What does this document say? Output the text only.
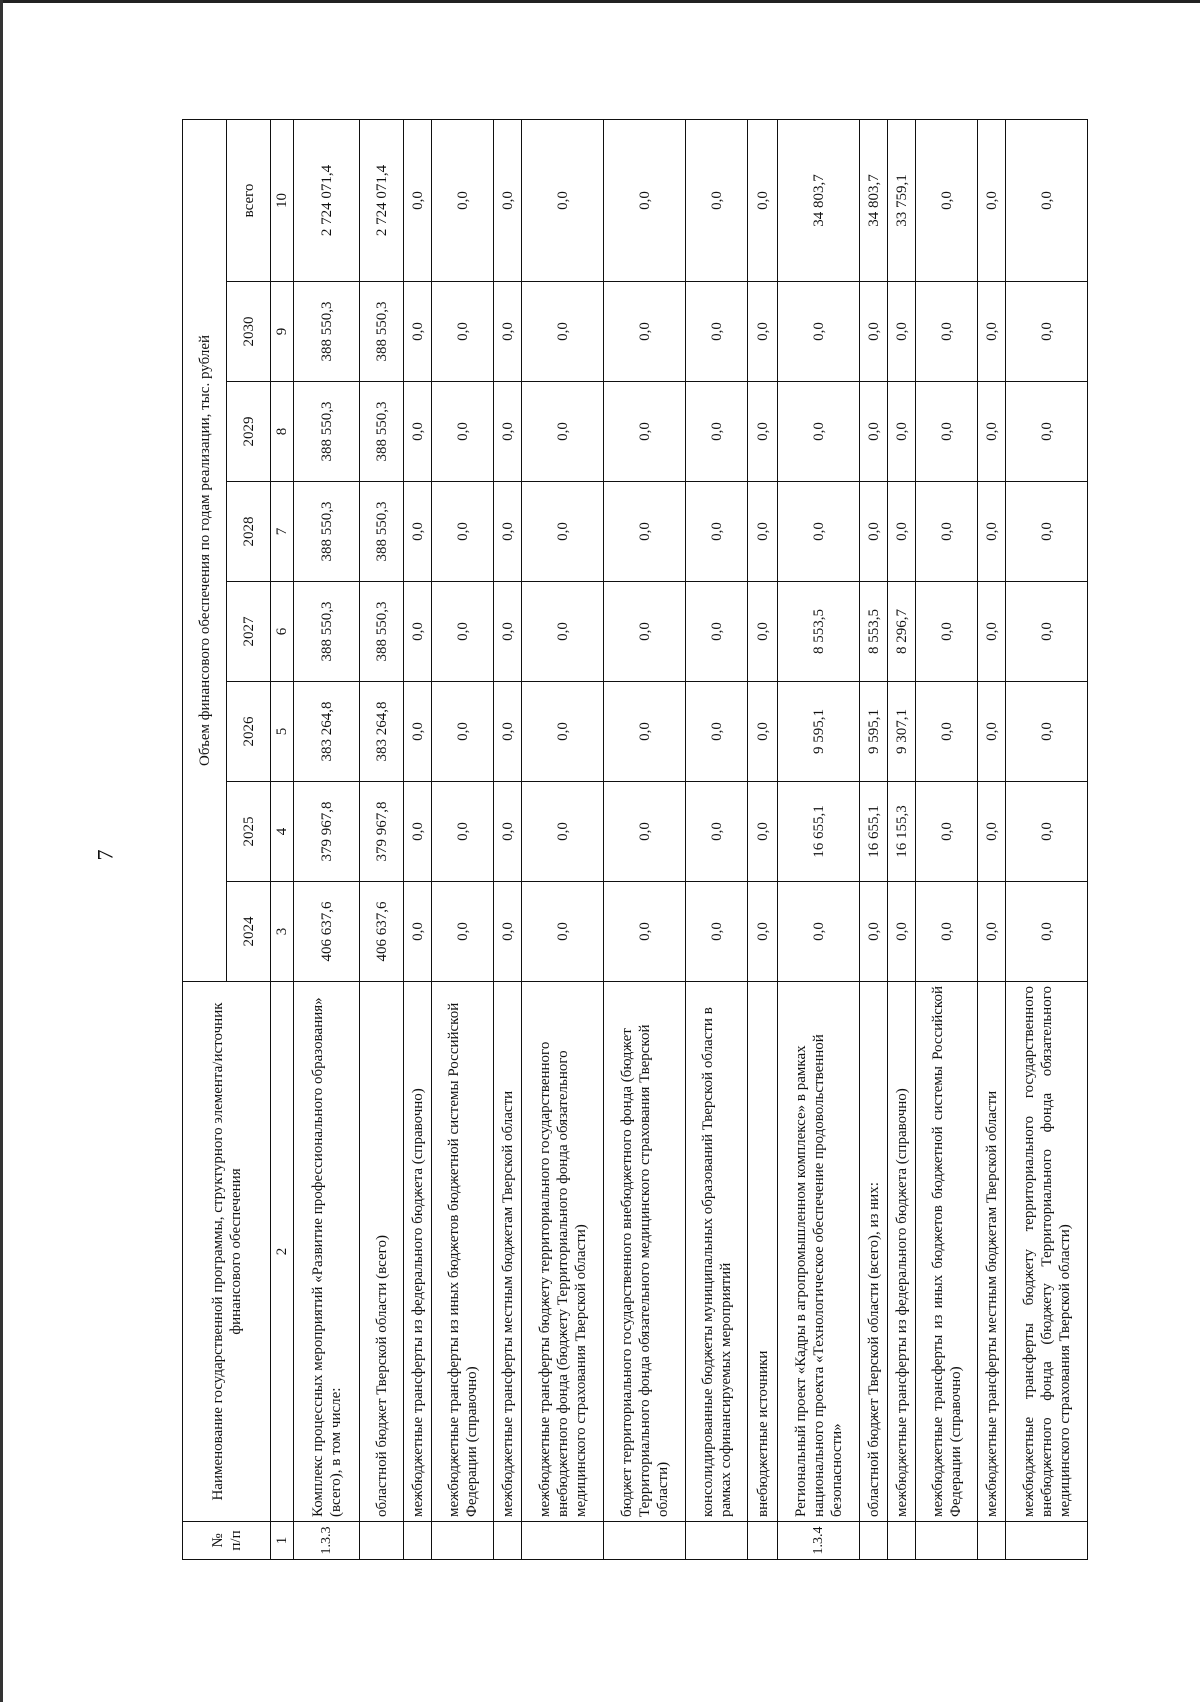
7
№ п/п	Наименование государственной программы, структурного элемента/источник финансового обеспечения	Объем финансового обеспечения по годам реализации, тыс. рублей							
		2024	2025	2026	2027	2028	2029	2030	всего
1	2	3	4	5	6	7	8	9	10
1.3.3	Комплекс процессных мероприятий «Развитие профессионального образования» (всего), в том числе:	406 637,6	379 967,8	383 264,8	388 550,3	388 550,3	388 550,3	388 550,3	2 724 071,4
	областной бюджет Тверской области (всего)	406 637,6	379 967,8	383 264,8	388 550,3	388 550,3	388 550,3	388 550,3	2 724 071,4
	межбюджетные трансферты из федерального бюджета (справочно)	0,0	0,0	0,0	0,0	0,0	0,0	0,0	0,0
	межбюджетные трансферты из иных бюджетов бюджетной системы Российской Федерации (справочно)	0,0	0,0	0,0	0,0	0,0	0,0	0,0	0,0
	межбюджетные трансферты местным бюджетам Тверской области	0,0	0,0	0,0	0,0	0,0	0,0	0,0	0,0
	межбюджетные трансферты бюджету территориального государственного внебюджетного фонда (бюджету Территориального фонда обязательного медицинского страхования Тверской области)	0,0	0,0	0,0	0,0	0,0	0,0	0,0	0,0
	бюджет территориального государственного внебюджетного фонда (бюджет Территориального фонда обязательного медицинского страхования Тверской области)	0,0	0,0	0,0	0,0	0,0	0,0	0,0	0,0
	консолидированные бюджеты муниципальных образований Тверской области в рамках софинансируемых мероприятий	0,0	0,0	0,0	0,0	0,0	0,0	0,0	0,0
	внебюджетные источники	0,0	0,0	0,0	0,0	0,0	0,0	0,0	0,0
1.3.4	Региональный проект «Кадры в агропромышленном комплексе» в рамках национального проекта «Технологическое обеспечение продовольственной безопасности»	0,0	16 655,1	9 595,1	8 553,5	0,0	0,0	0,0	34 803,7
	областной бюджет Тверской области (всего), из них:	0,0	16 655,1	9 595,1	8 553,5	0,0	0,0	0,0	34 803,7
	межбюджетные трансферты из федерального бюджета (справочно)	0,0	16 155,3	9 307,1	8 296,7	0,0	0,0	0,0	33 759,1
	межбюджетные трансферты из иных бюджетов бюджетной системы Российской Федерации (справочно)	0,0	0,0	0,0	0,0	0,0	0,0	0,0	0,0
	межбюджетные трансферты местным бюджетам Тверской области	0,0	0,0	0,0	0,0	0,0	0,0	0,0	0,0
	межбюджетные трансферты бюджету территориального государственного внебюджетного фонда (бюджету Территориального фонда обязательного медицинского страхования Тверской области)	0,0	0,0	0,0	0,0	0,0	0,0	0,0	0,0
